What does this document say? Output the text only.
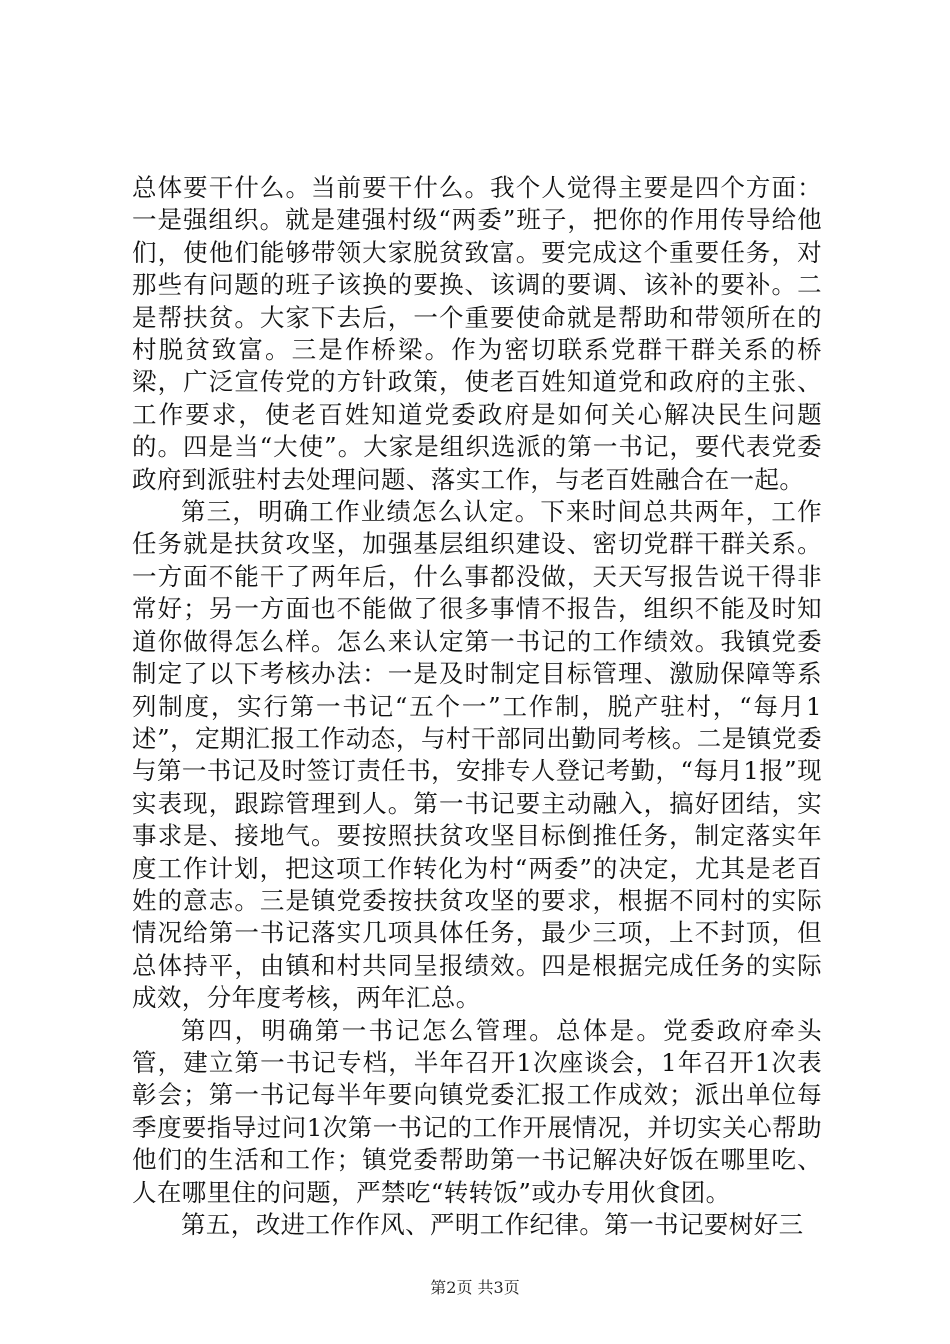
总体要干什么。当前要干什么。我个人觉得主要是四个方面：一是强组织。就是建强村级“两委”班子，把你的作用传导给他们，使他们能够带领大家脱贫致富。要完成这个重要任务，对那些有问题的班子该换的要换、该调的要调、该补的要补。二是帮扶贫。大家下去后，一个重要使命就是帮助和带领所在的村脱贫致富。三是作桥梁。作为密切联系党群干群关系的桥梁，广泛宣传党的方针政策，使老百姓知道党和政府的主张、工作要求，使老百姓知道党委政府是如何关心解决民生问题的。四是当“大使”。大家是组织选派的第一书记，要代表党委政府到派驻村去处理问题、落实工作，与老百姓融合在一起。

第三，明确工作业绩怎么认定。下来时间总共两年，工作任务就是扶贫攻坚，加强基层组织建设、密切党群干群关系。一方面不能干了两年后，什么事都没做，天天写报告说干得非常好；另一方面也不能做了很多事情不报告，组织不能及时知道你做得怎么样。怎么来认定第一书记的工作绩效。我镇党委制定了以下考核办法：一是及时制定目标管理、激励保障等系列制度，实行第一书记“五个一”工作制，脱产驻村，“每月1述”，定期汇报工作动态，与村干部同出勤同考核。二是镇党委与第一书记及时签订责任书，安排专人登记考勤，“每月1报”现实表现，跟踪管理到人。第一书记要主动融入，搞好团结，实事求是、接地气。要按照扶贫攻坚目标倒推任务，制定落实年度工作计划，把这项工作转化为村“两委”的决定，尤其是老百姓的意志。三是镇党委按扶贫攻坚的要求，根据不同村的实际情况给第一书记落实几项具体任务，最少三项，上不封顶，但总体持平，由镇和村共同呈报绩效。四是根据完成任务的实际成效，分年度考核，两年汇总。

第四，明确第一书记怎么管理。总体是。党委政府牵头管，建立第一书记专档，半年召开1次座谈会，1年召开1次表彰会；第一书记每半年要向镇党委汇报工作成效；派出单位每季度要指导过问1次第一书记的工作开展情况，并切实关心帮助他们的生活和工作；镇党委帮助第一书记解决好饭在哪里吃、人在哪里住的问题，严禁吃“转转饭”或办专用伙食团。

第五，改进工作作风、严明工作纪律。第一书记要树好三

第2页 共3页
